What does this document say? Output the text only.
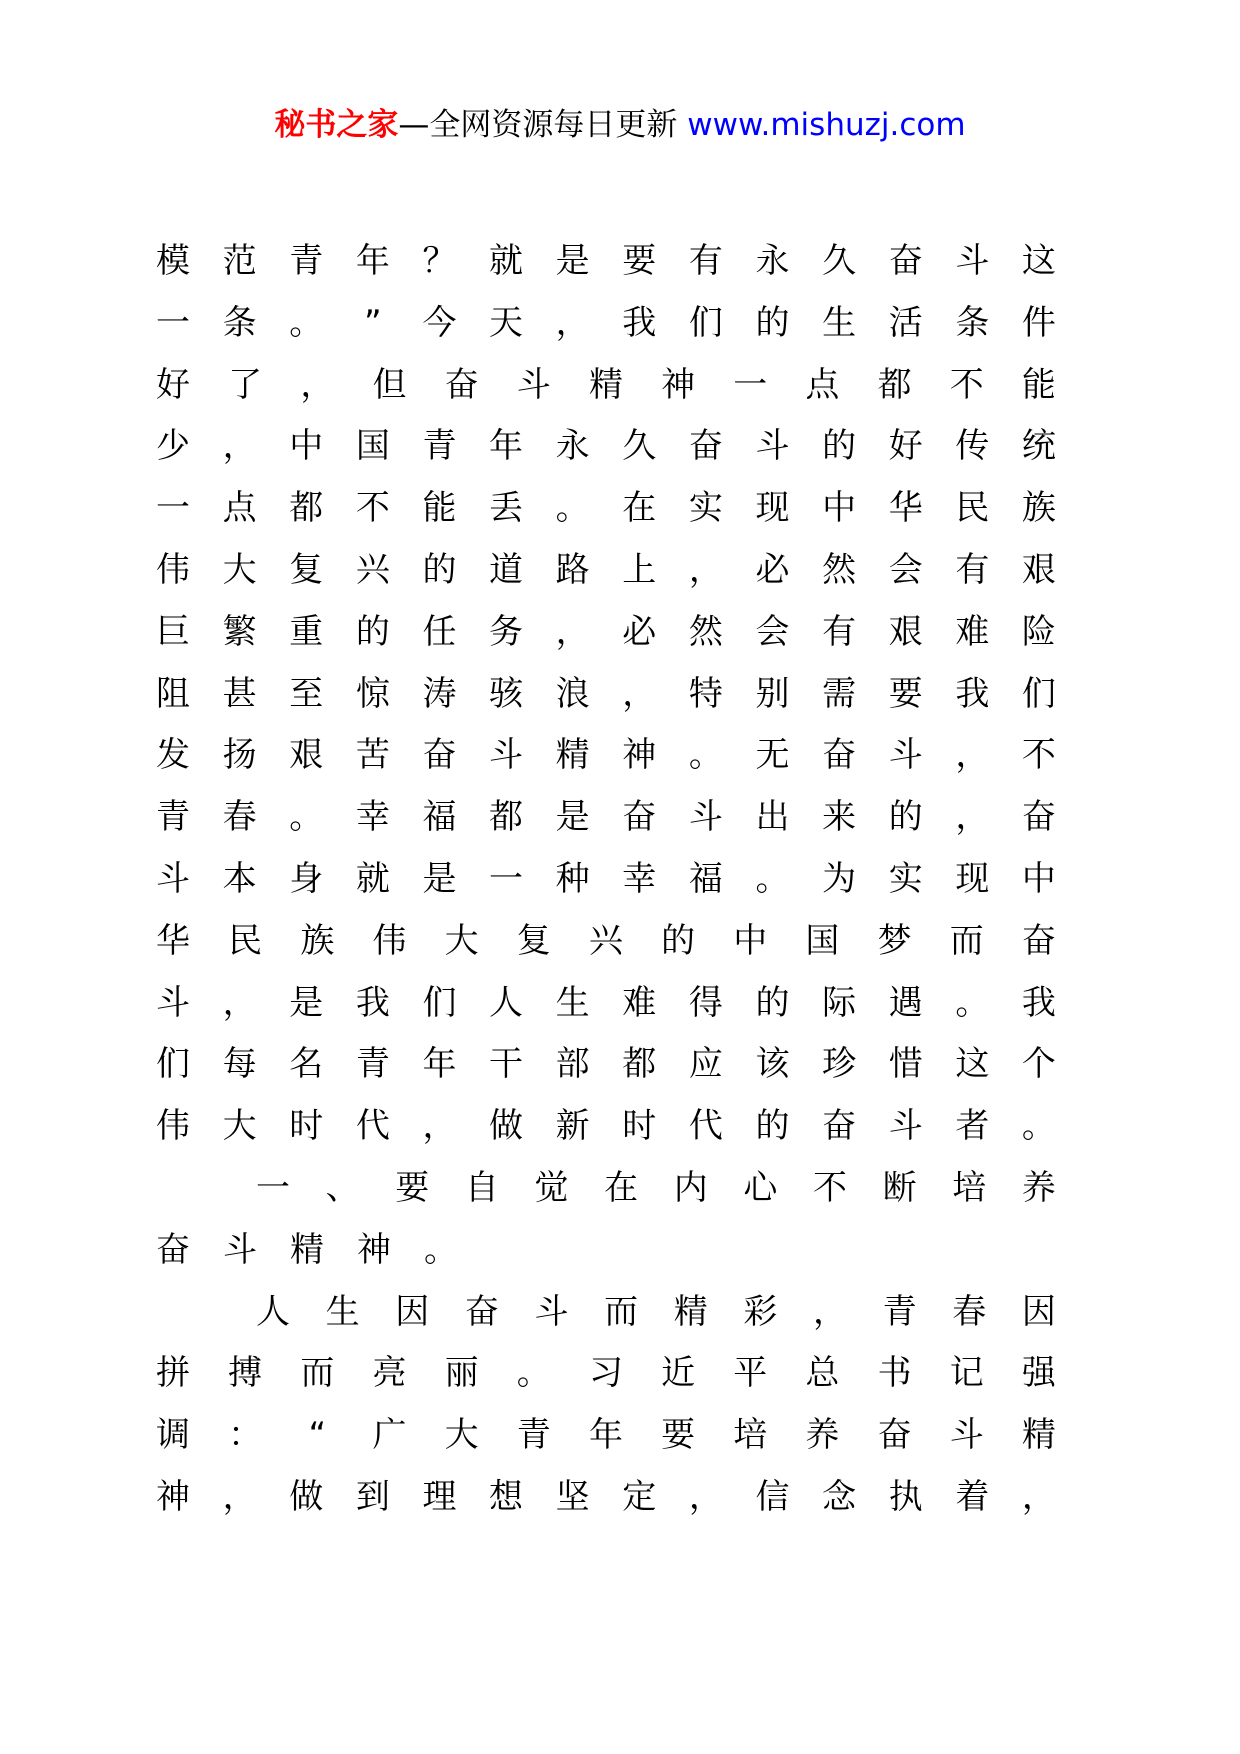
秘书之家—全网资源每日更新 www.mishuzj.com
模 范 青 年 ？ 就 是 要 有 永 久 奋 斗 这
一 条 。 ” 今 天 ， 我 们 的 生 活 条 件
好 了 ， 但 奋 斗 精 神 一 点 都 不 能
少 ， 中 国 青 年 永 久 奋 斗 的 好 传 统
一 点 都 不 能 丢 。 在 实 现 中 华 民 族
伟 大 复 兴 的 道 路 上 ， 必 然 会 有 艰
巨 繁 重 的 任 务 ， 必 然 会 有 艰 难 险
阻 甚 至 惊 涛 骇 浪 ， 特 别 需 要 我 们
发 扬 艰 苦 奋 斗 精 神 。 无 奋 斗 ， 不
青 春 。 幸 福 都 是 奋 斗 出 来 的 ， 奋
斗 本 身 就 是 一 种 幸 福 。 为 实 现 中
华 民 族 伟 大 复 兴 的 中 国 梦 而 奋
斗 ， 是 我 们 人 生 难 得 的 际 遇 。 我
们 每 名 青 年 干 部 都 应 该 珍 惜 这 个
伟 大 时 代 ， 做 新 时 代 的 奋 斗 者 。
一 、 要 自 觉 在 内 心 不 断 培 养
奋 斗 精 神 。
人 生 因 奋 斗 而 精 彩 ， 青 春 因
拼 搏 而 亮 丽 。 习 近 平 总 书 记 强
调 ： “ 广 大 青 年 要 培 养 奋 斗 精
神 ， 做 到 理 想 坚 定 ， 信 念 执 着 ，
